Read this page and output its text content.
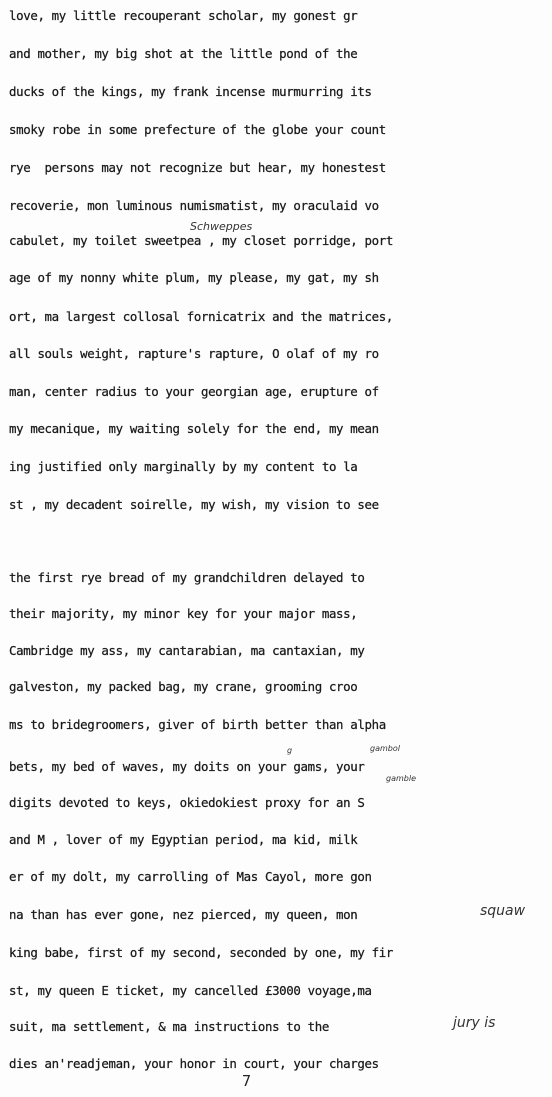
love, my little recouperant scholar, my gonest gr
and mother, my big shot at the little pond of the
ducks of the kings, my frank incense murmurring its
smoky robe in some prefecture of the globe your count
rye  persons may not recognize but hear, my honestest
recoverie, mon luminous numismatist, my oraculaid vo
cabulet, my toilet sweetpea , my closet porridge, port
age of my nonny white plum, my please, my gat, my sh
ort, ma largest collosal fornicatrix and the matrices,
all souls weight, rapture's rapture, O olaf of my ro
man, center radius to your georgian age, erupture of
my mecanique, my waiting solely for the end, my mean
ing justified only marginally by my content to la
st , my decadent soirelle, my wish, my vision to see
Schweppes
the first rye bread of my grandchildren delayed to
their majority, my minor key for your major mass,
Cambridge my ass, my cantarabian, ma cantaxian, my
galveston, my packed bag, my crane, grooming croo
ms to bridegroomers, giver of birth better than alpha
bets, my bed of waves, my doits on your gams, your
digits devoted to keys, okiedokiest proxy for an S
and M , lover of my Egyptian period, ma kid, milk
er of my dolt, my carrolling of Mas Cayol, more gon
na than has ever gone, nez pierced, my queen, mon
king babe, first of my second, seconded by one, my fir
st, my queen E ticket, my cancelled £3000 voyage,ma
suit, ma settlement, & ma instructions to the
dies an'readjeman, your honor in court, your charges
gambol
g
gamble
squaw
jury is
7
